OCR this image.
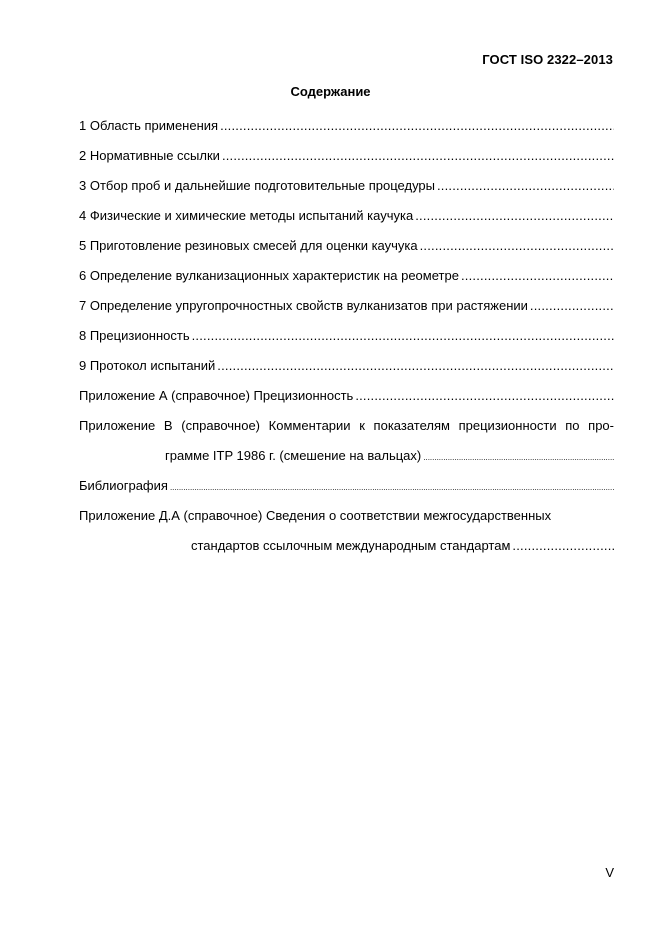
ГОСТ ISO 2322–2013
Содержание
1 Область применения
.....
2 Нормативные ссылки
.....
3 Отбор проб и дальнейшие подготовительные процедуры
.....
4 Физические и химические методы испытаний каучука
.....
5 Приготовление резиновых смесей для оценки каучука
.....
6 Определение вулканизационных характеристик на реометре
.....
7 Определение упругопрочностных свойств вулканизатов при растяжении
.....
8 Прецизионность
.....
9 Протокол испытаний
.....
Приложение А (справочное) Прецизионность
.....
Приложение В (справочное) Комментарии к показателям прецизионности по про-
грамме ITP 1986 г. (смешение на вальцах)
.....
Библиография
.....
Приложение Д.А (справочное) Сведения о соответствии межгосударственных
стандартов ссылочным международным стандартам
.....
V
